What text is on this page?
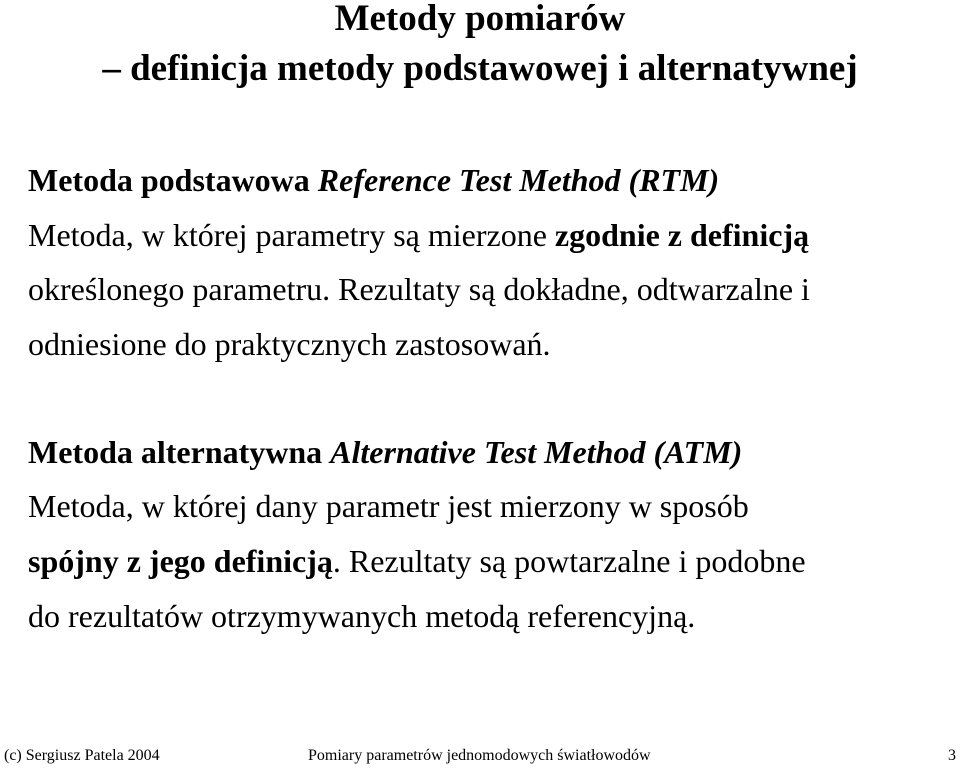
Metody pomiarów
– definicja metody podstawowej i alternatywnej
Metoda podstawowa Reference Test Method (RTM)
Metoda, w której parametry są mierzone zgodnie z definicją
określonego parametru. Rezultaty są dokładne, odtwarzalne i
odniesione do praktycznych zastosowań.
Metoda alternatywna Alternative Test Method (ATM)
Metoda, w której dany parametr jest mierzony w sposób
spójny z jego definicją. Rezultaty są powtarzalne i podobne
do rezultatów otrzymywanych metodą referencyjną.
(c) Sergiusz Patela 2004	Pomiary parametrów jednomodowych światłowodów	3
